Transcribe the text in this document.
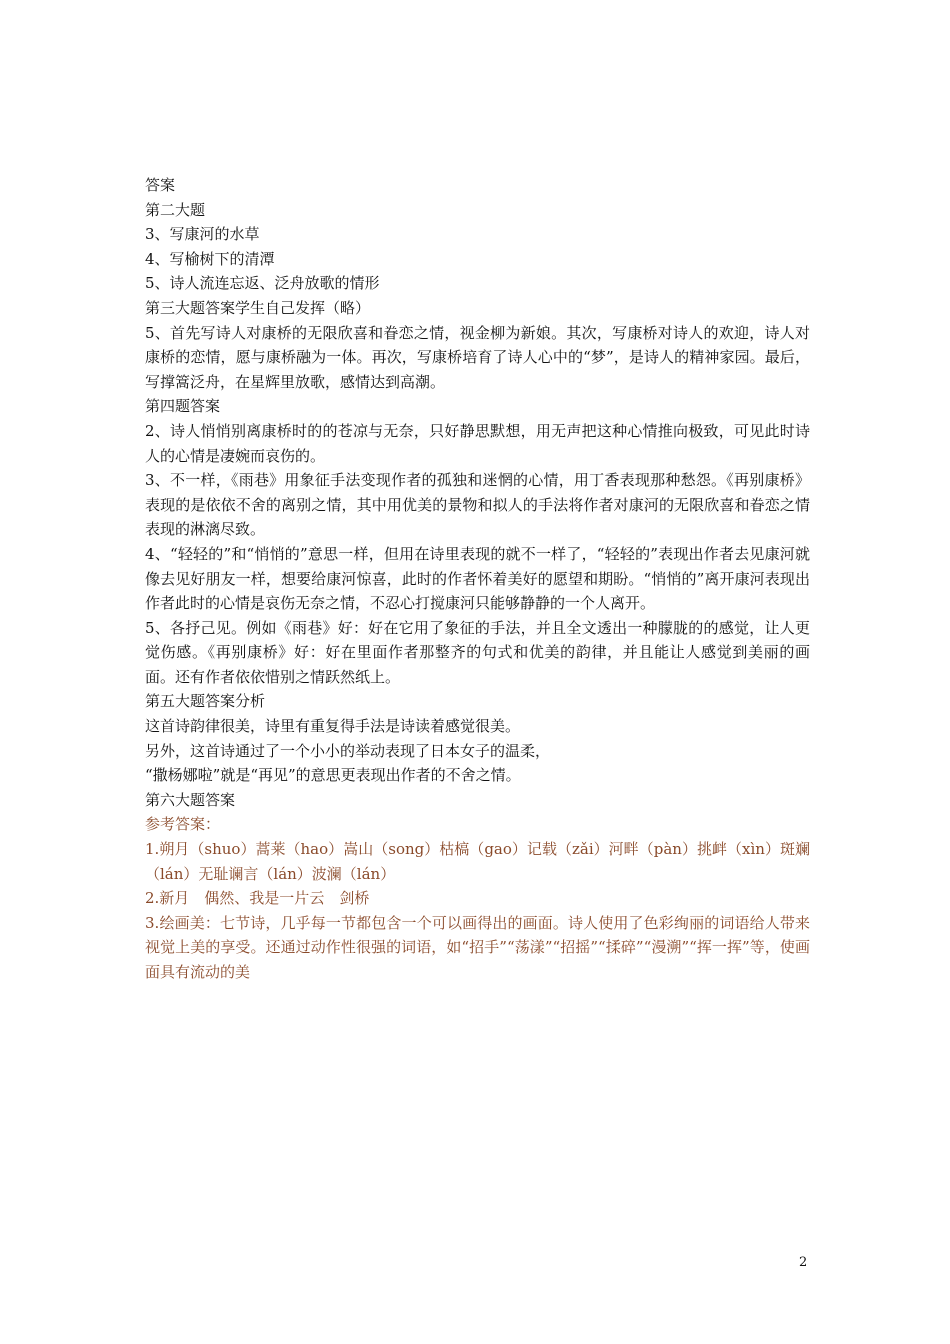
答案

第二大题

3、写康河的水草

4、写榆树下的清潭

5、诗人流连忘返、泛舟放歌的情形

第三大题答案学生自己发挥（略）

5、首先写诗人对康桥的无限欣喜和眷恋之情，视金柳为新娘。其次，写康桥对诗人的欢迎，诗人对康桥的恋情，愿与康桥融为一体。再次，写康桥培育了诗人心中的“梦”，是诗人的精神家园。最后，写撑篙泛舟，在星辉里放歌，感情达到高潮。

第四题答案

2、诗人悄悄别离康桥时的的苍凉与无奈，只好静思默想，用无声把这种心情推向极致，可见此时诗人的心情是凄婉而哀伤的。

3、不一样，《雨巷》用象征手法变现作者的孤独和迷惘的心情，用丁香表现那种愁怨。《再别康桥》表现的是依依不舍的离别之情，其中用优美的景物和拟人的手法将作者对康河的无限欣喜和眷恋之情表现的淋漓尽致。

4、“轻轻的”和“悄悄的”意思一样，但用在诗里表现的就不一样了，“轻轻的”表现出作者去见康河就像去见好朋友一样，想要给康河惊喜，此时的作者怀着美好的愿望和期盼。“悄悄的”离开康河表现出作者此时的心情是哀伤无奈之情，不忍心打搅康河只能够静静的一个人离开。

5、各抒己见。例如《雨巷》好：好在它用了象征的手法，并且全文透出一种朦胧的的感觉，让人更觉伤感。《再别康桥》好：好在里面作者那整齐的句式和优美的韵律，并且能让人感觉到美丽的画面。还有作者依依惜别之情跃然纸上。

第五大题答案分析

这首诗韵律很美，诗里有重复得手法是诗读着感觉很美。

另外，这首诗通过了一个小小的举动表现了日本女子的温柔，

“撒杨娜啦”就是“再见”的意思更表现出作者的不舍之情。

第六大题答案

参考答案：

1.朔月（shuo）蒿莱（hao）嵩山（song）枯槁（gao）记载（zǎi）河畔（pàn）挑衅（xìn）斑斓（lán）无耻谰言（lán）波澜（lán）

2.新月　偶然、我是一片云　剑桥

3.绘画美：七节诗，几乎每一节都包含一个可以画得出的画面。诗人使用了色彩绚丽的词语给人带来视觉上美的享受。还通过动作性很强的词语，如“招手”“荡漾”“招摇”“揉碎”“漫溯”“挥一挥”等，使画面具有流动的美

2
